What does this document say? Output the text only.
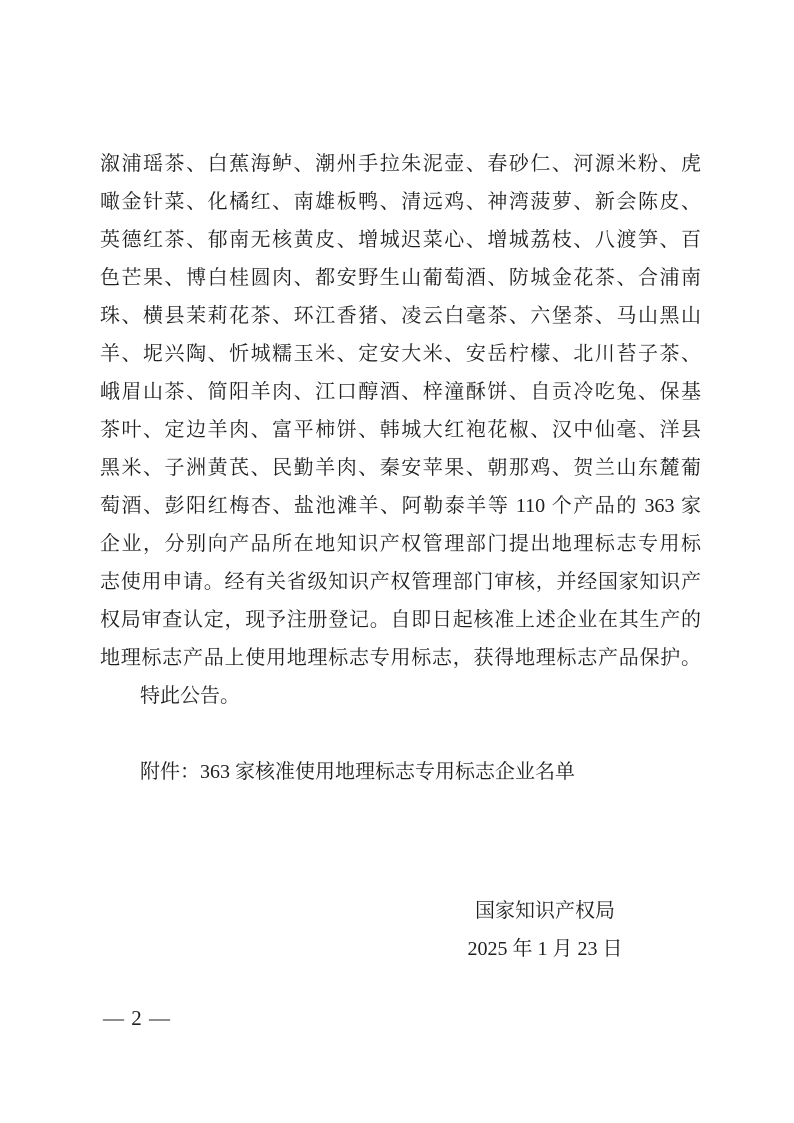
溆浦瑶茶、白蕉海鲈、潮州手拉朱泥壶、春砂仁、河源米粉、虎
噉金针菜、化橘红、南雄板鸭、清远鸡、神湾菠萝、新会陈皮、
英德红茶、郁南无核黄皮、增城迟菜心、增城荔枝、八渡笋、百
色芒果、博白桂圆肉、都安野生山葡萄酒、防城金花茶、合浦南
珠、横县茉莉花茶、环江香猪、凌云白毫茶、六堡茶、马山黑山
羊、坭兴陶、忻城糯玉米、定安大米、安岳柠檬、北川苔子茶、
峨眉山茶、简阳羊肉、江口醇酒、梓潼酥饼、自贡冷吃兔、保基
茶叶、定边羊肉、富平柿饼、韩城大红袍花椒、汉中仙毫、洋县
黑米、子洲黄芪、民勤羊肉、秦安苹果、朝那鸡、贺兰山东麓葡
萄酒、彭阳红梅杏、盐池滩羊、阿勒泰羊等 110 个产品的 363 家
企业，分别向产品所在地知识产权管理部门提出地理标志专用标
志使用申请。经有关省级知识产权管理部门审核，并经国家知识产
权局审查认定，现予注册登记。自即日起核准上述企业在其生产的
地理标志产品上使用地理标志专用标志，获得地理标志产品保护。
特此公告。
附件：363 家核准使用地理标志专用标志企业名单
国家知识产权局
2025 年 1 月 23 日
— 2 —
